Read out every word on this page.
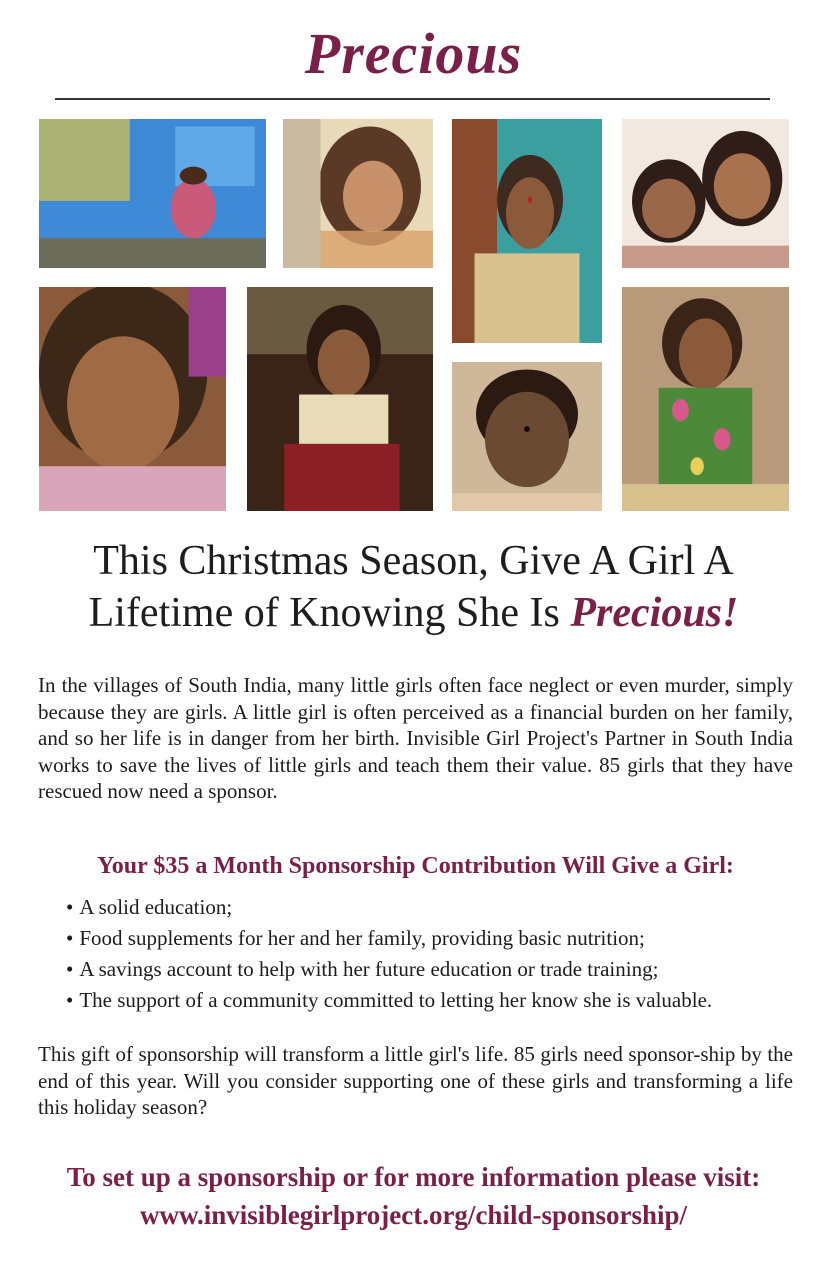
Precious
This Christmas Season, Give A Girl A
Lifetime of Knowing She Is Precious!
In the villages of South India, many little girls often face neglect or even murder, simply because they are girls. A little girl is often perceived as a financial burden on her family, and so her life is in danger from her birth. Invisible Girl Project's Partner in South India works to save the lives of little girls and teach them their value. 85 girls that they have rescued now need a sponsor.
Your $35 a Month Sponsorship Contribution Will Give a Girl:
• A solid education;
• Food supplements for her and her family, providing basic nutrition;
• A savings account to help with her future education or trade training;
• The support of a community committed to letting her know she is valuable.
This gift of sponsorship will transform a little girl's life. 85 girls need sponsor-ship by the end of this year. Will you consider supporting one of these girls and transforming a life this holiday season?
To set up a sponsorship or for more information please visit:
www.invisiblegirlproject.org/child-sponsorship/
